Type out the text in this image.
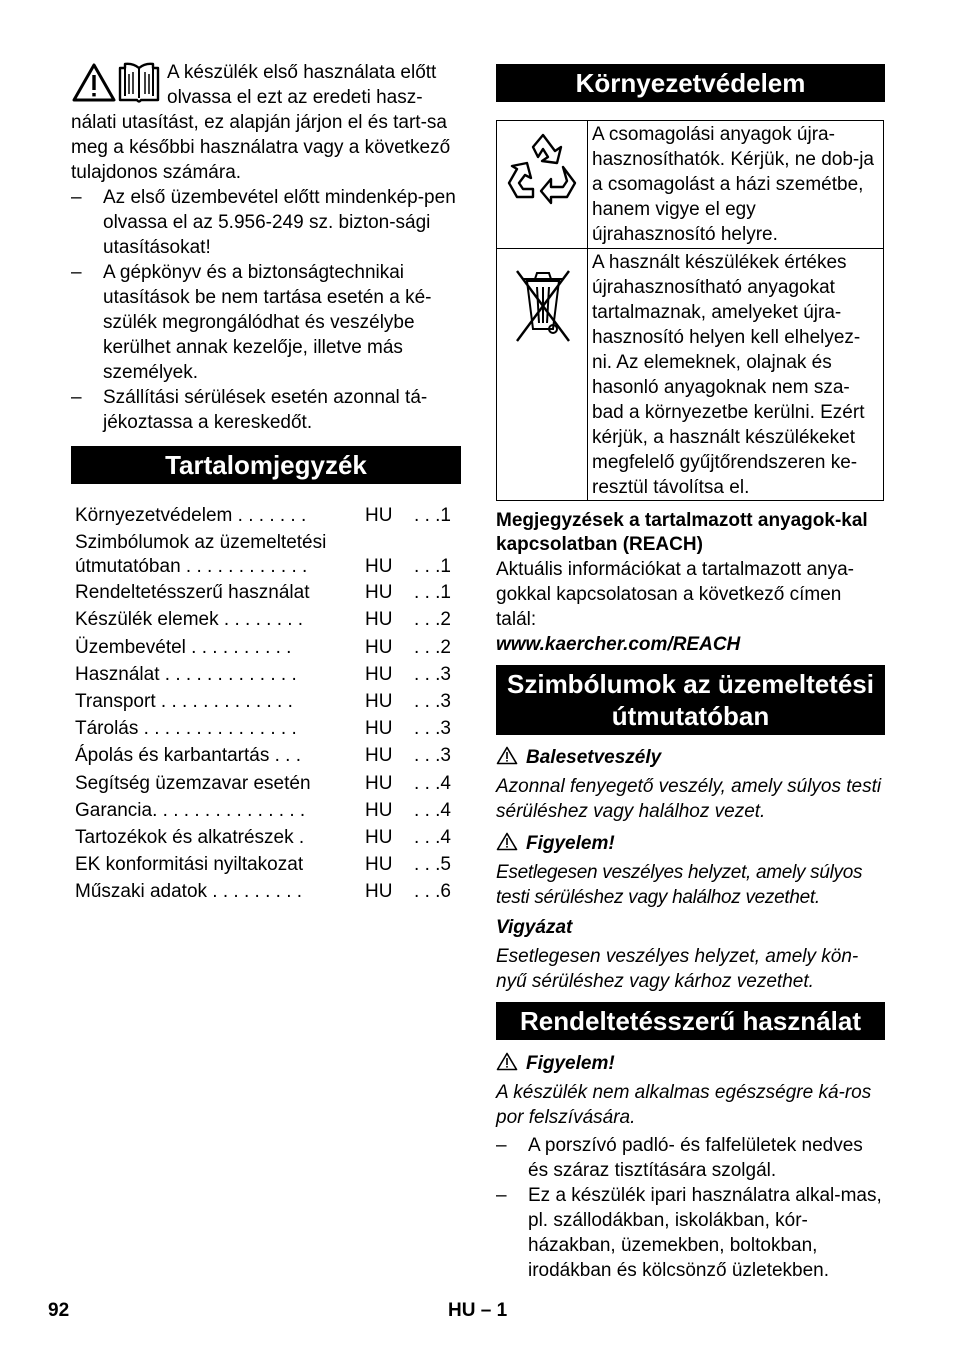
A készülék első használata előtt olvassa el ezt az eredeti hasz-nálati utasítást, ez alapján járjon el és tart-sa meg a későbbi használatra vagy a következő tulajdonos számára.

– Az első üzembevétel előtt mindenkép-pen olvassa el az 5.956-249 sz. bizton-sági utasításokat!
– A gépkönyv és a biztonságtechnikai utasítások be nem tartása esetén a ké-szülék megrongálódhat és veszélybe kerülhet annak kezelője, illetve más személyek.
– Szállítási sérülések esetén azonnal tá-jékoztassa a kereskedőt.
Tartalomjegyzék
Környezetvédelem . . . . . . .	HU	. . .1
Szimbólumok az üzemeltetési
útmutatóban . . . . . . . . . . . .	HU	. . .1
Rendeltetésszerű használat	HU	. . .1
Készülék elemek . . . . . . . .	HU	. . .2
Üzembevétel . . . . . . . . . .	HU	. . .2
Használat . . . . . . . . . . . . .	HU	. . .3
Transport . . . . . . . . . . . . .	HU	. . .3
Tárolás . . . . . . . . . . . . . . .	HU	. . .3
Ápolás és karbantartás . . .	HU	. . .3
Segítség üzemzavar esetén	HU	. . .4
Garancia. . . . . . . . . . . . . . .	HU	. . .4
Tartozékok és alkatrészek .	HU	. . .4
EK konformitási nyiltakozat	HU	. . .5
Műszaki adatok . . . . . . . . .	HU	. . .6
Környezetvédelem
	A csomagolási anyagok újra-hasznosíthatók. Kérjük, ne dob-ja a csomagolást a házi szemétbe, hanem vigye el egy újrahasznosító helyre.
	A használt készülékek értékes újrahasznosítható anyagokat tartalmaznak, amelyeket újra-hasznosító helyen kell elhelyez-ni. Az elemeknek, olajnak és hasonló anyagoknak nem sza-bad a környezetbe kerülni. Ezért kérjük, a használt készülékeket megfelelő gyűjtőrendszeren ke-resztül távolítsa el.

Megjegyzések a tartalmazott anyagok-kal kapcsolatban (REACH)

Aktuális információkat a tartalmazott anya-gokkal kapcsolatosan a következő címen talál:

www.kaercher.com/REACH

Szimbólumok az üzemeltetési útmutatóban

Balesetveszély

Azonnal fenyegető veszély, amely súlyos testi sérüléshez vagy halálhoz vezet.

Figyelem!

Esetlegesen veszélyes helyzet, amely súlyos testi sérüléshez vagy halálhoz vezethet.

Vigyázat

Esetlegesen veszélyes helyzet, amely kön-nyű sérüléshez vagy kárhoz vezethet.

Rendeltetésszerű használat

Figyelem!

A készülék nem alkalmas egészségre ká-ros por felszívására.

– A porszívó padló- és falfelületek nedves és száraz tisztítására szolgál.
– Ez a készülék ipari használatra alkal-mas, pl. szállodákban, iskolákban, kór-házakban, üzemekben, boltokban, irodákban és kölcsönző üzletekben.
92	HU – 1
